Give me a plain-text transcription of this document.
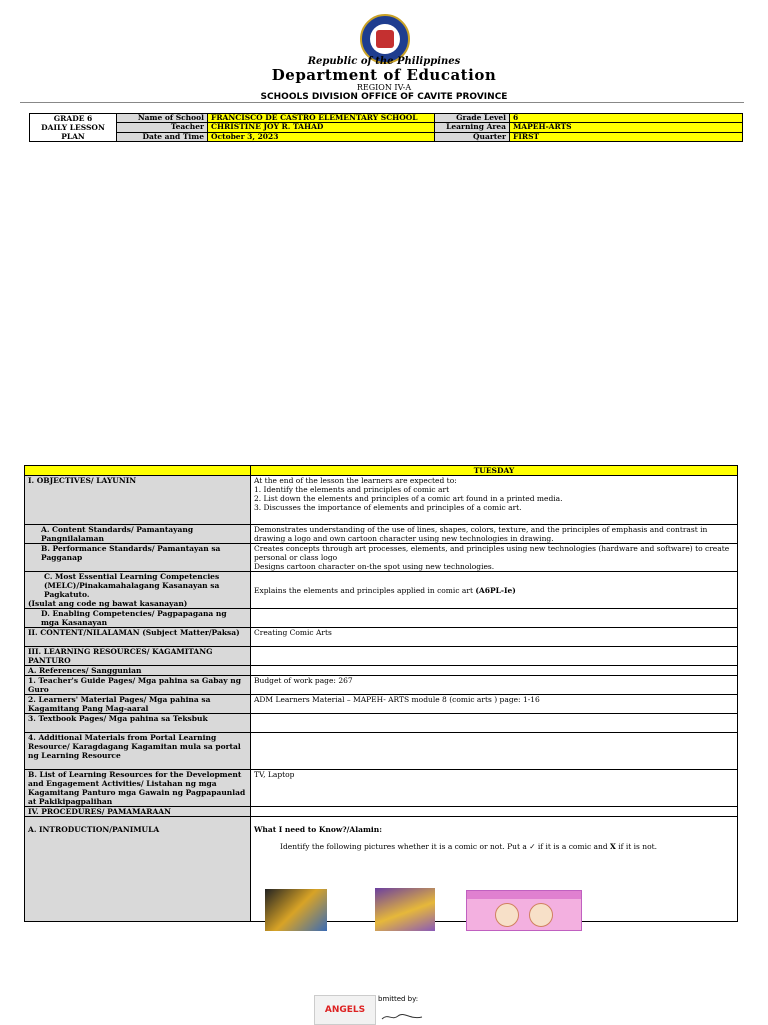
Republic of the Philippines
Department of Education
REGION IV-A
SCHOOLS DIVISION OFFICE OF CAVITE PROVINCE
GRADE 6
DAILY LESSON
PLAN	Name of School	FRANCISCO DE CASTRO ELEMENTARY SCHOOL	Grade Level	6
	Teacher	CHRISTINE JOY R. TAHAD	Learning Area	MAPEH-ARTS
	Date and Time	October 3, 2023	Quarter	FIRST
	TUESDAY
I. OBJECTIVES/ LAYUNIN	At the end of the lesson the learners are expected to:
1. Identify the elements and principles of comic art
2. List down the elements and principles of a comic art found in a printed media.
3. Discusses the importance of elements and principles of a comic art.

A. Content Standards/ Pamantayang Pangnilalaman	Demonstrates understanding of the use of lines, shapes, colors, texture, and the principles of emphasis and contrast in drawing a logo and own cartoon character using new technologies in drawing.
B. Performance Standards/ Pamantayan sa Pagganap	Creates concepts through art processes, elements, and principles using new technologies (hardware and software) to create personal or class logo
Designs cartoon character on-the spot using new technologies.

C. Most Essential Learning Competencies (MELC)/Pinakamahalagang Kasanayan sa Pagkatuto.
(Isulat ang code ng bawat kasanayan)	Explains the elements and principles applied in comic art (A6PL-Ie)
D. Enabling Competencies/ Pagpapagana ng mga Kasanayan	
II. CONTENT/NILALAMAN (Subject Matter/Paksa)	Creating Comic Arts
III. LEARNING RESOURCES/ KAGAMITANG PANTURO	
A. References/ Sanggunian	
1. Teacher's Guide Pages/ Mga pahina sa Gabay ng Guro	Budget of work page: 267
2. Learners' Material Pages/ Mga pahina sa Kagamitang Pang Mag-aaral	ADM Learners Material – MAPEH- ARTS module 8 (comic arts ) page: 1-16
3. Textbook Pages/ Mga pahina sa Teksbuk	
4. Additional Materials from Portal Learning Resource/ Karagdagang Kagamitan mula sa portal ng Learning Resource	
B. List of Learning Resources for the Development and Engagement Activities/ Listahan ng mga Kagamitang Panturo mga Gawain ng Pagpapaunlad at Pakikipagpalihan	TV, Laptop
IV. PROCEDURES/ PAMAMARAAN	
A. INTRODUCTION/PANIMULA	What I need to Know?/Alamin:
Identify the following pictures whether it is a comic or not. Put a ✓ if it is a comic and X if it is not.
ANGELS
bmitted by:
